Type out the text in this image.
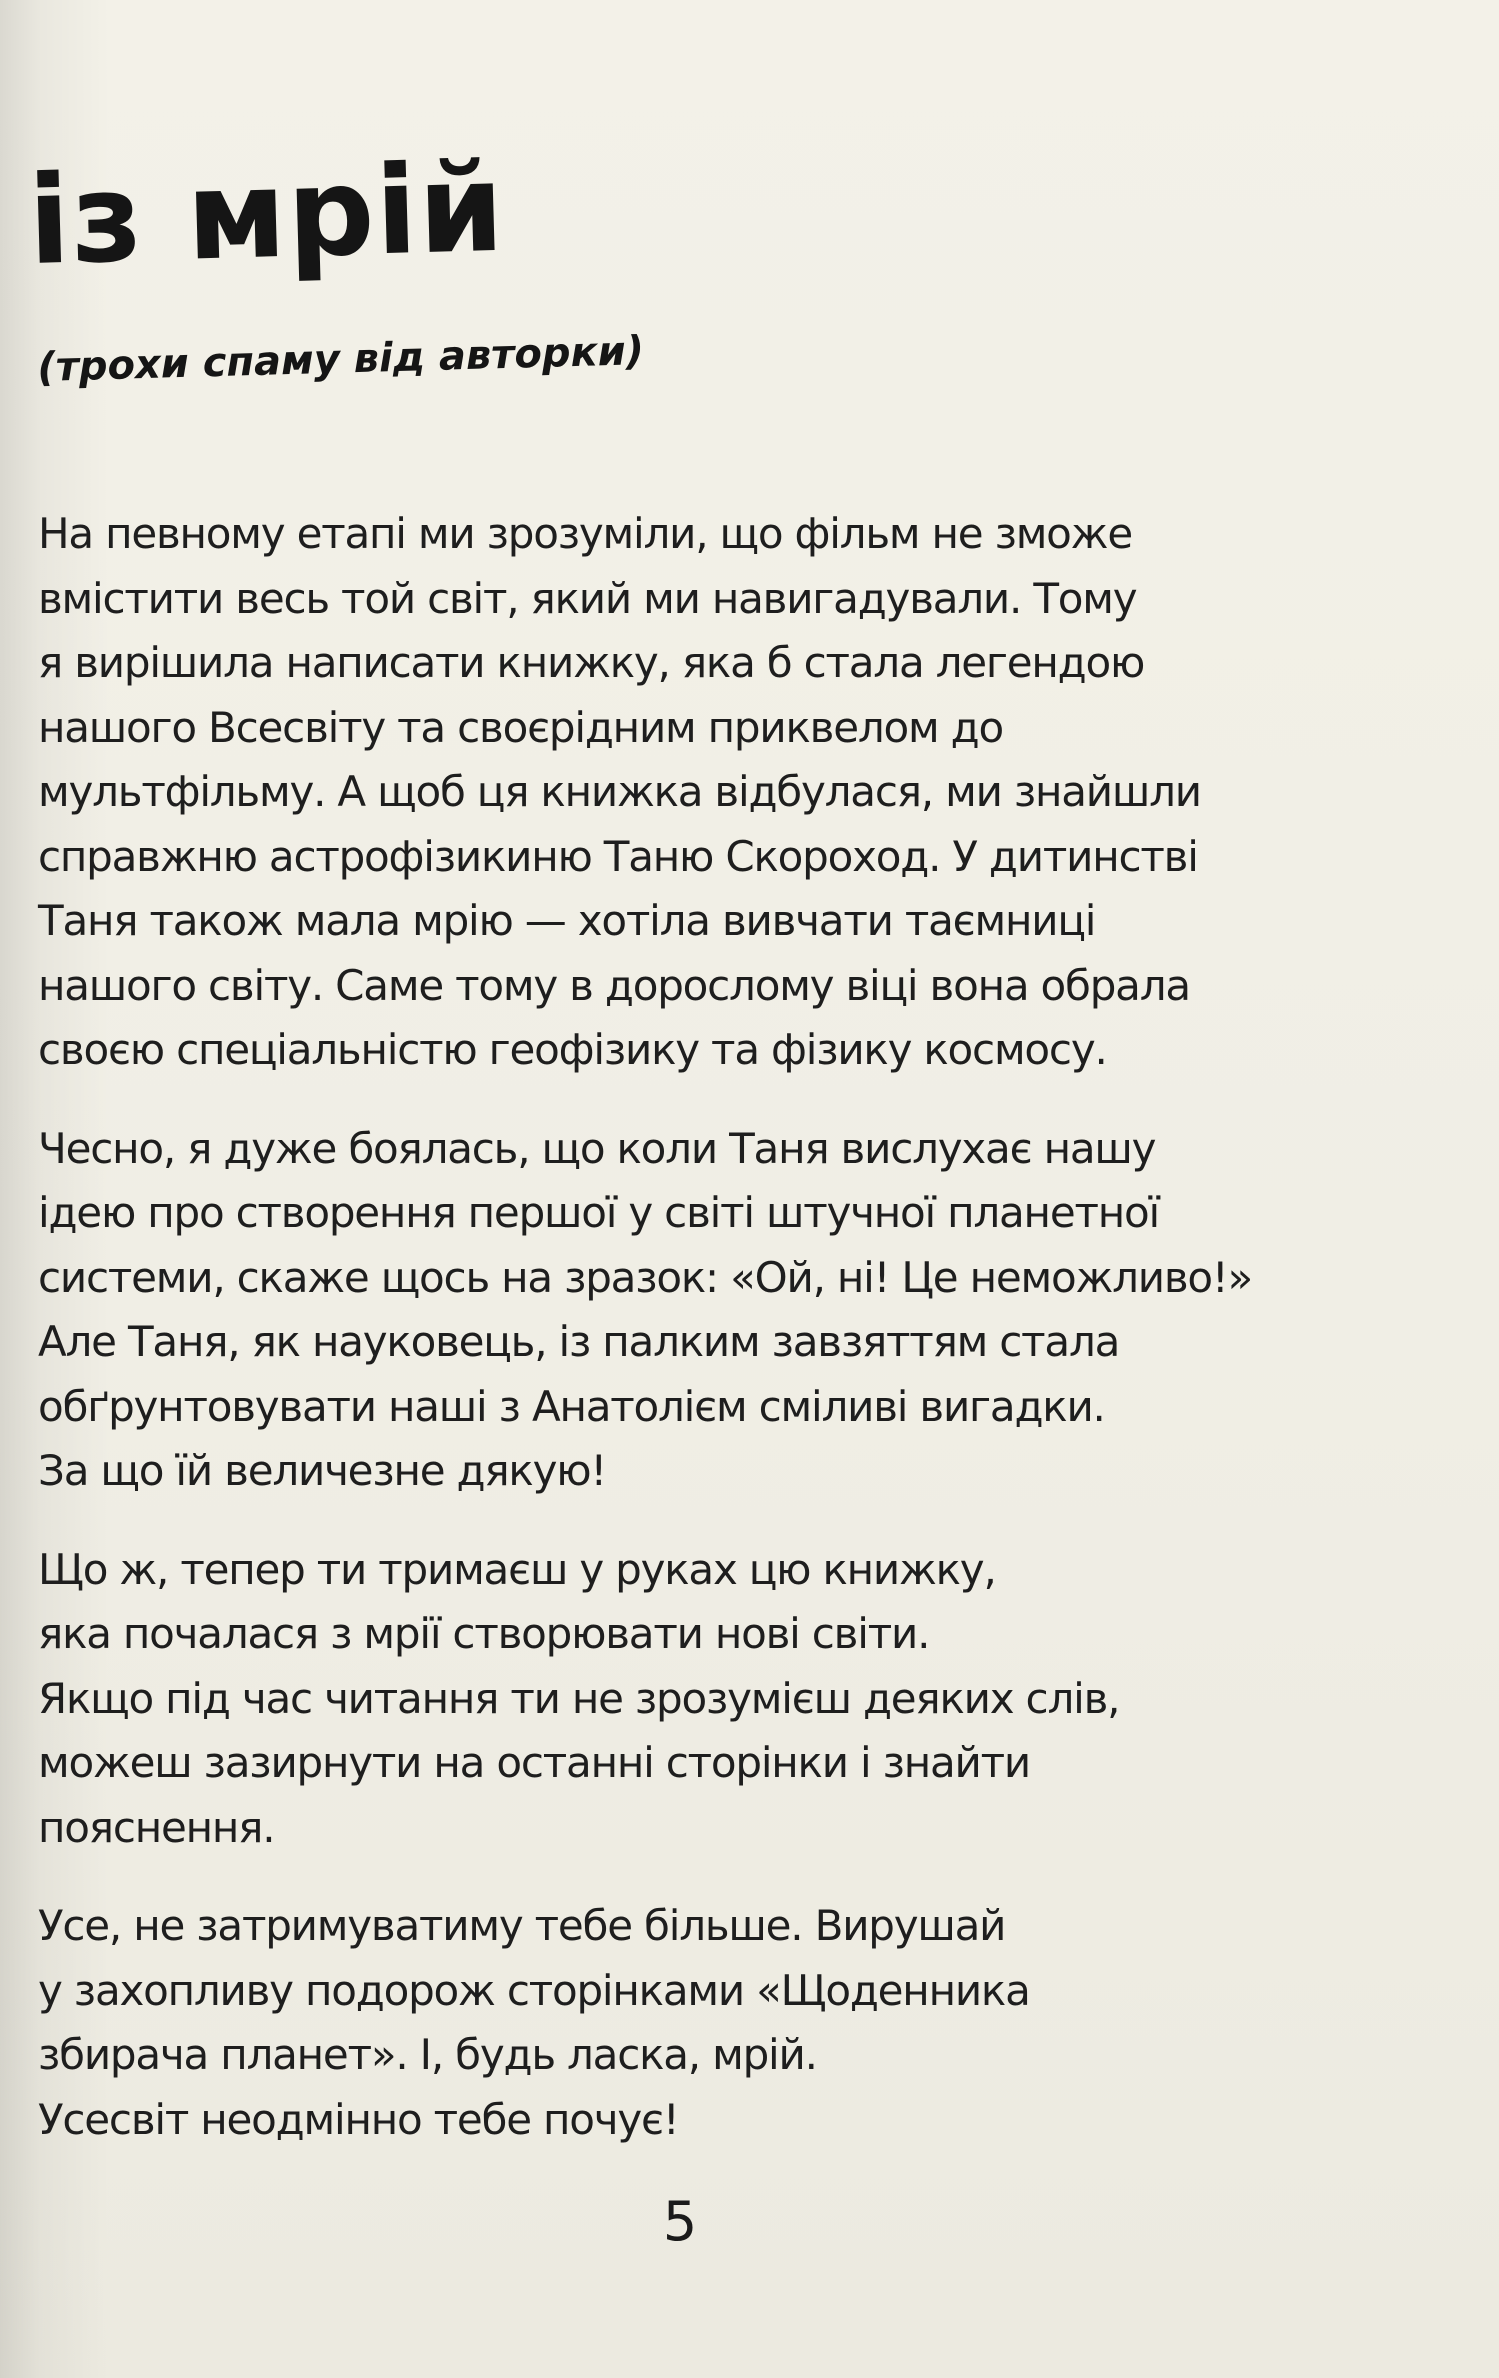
із мрій
(трохи спаму від авторки)

На певному етапі ми зрозуміли, що фільм не зможе
вмістити весь той світ, який ми навигадували. Тому
я вирішила написати книжку, яка б стала легендою
нашого Всесвіту та своєрідним приквелом до
мультфільму. А щоб ця книжка відбулася, ми знайшли
справжню астрофізикиню Таню Скороход. У дитинстві
Таня також мала мрію — хотіла вивчати таємниці
нашого світу. Саме тому в дорослому віці вона обрала
своєю спеціальністю геофізику та фізику космосу.

Чесно, я дуже боялась, що коли Таня вислухає нашу
ідею про створення першої у світі штучної планетної
системи, скаже щось на зразок: «Ой, ні! Це неможливо!»
Але Таня, як науковець, із палким завзяттям стала
обґрунтовувати наші з Анатолієм сміливі вигадки.
За що їй величезне дякую!

Що ж, тепер ти тримаєш у руках цю книжку,
яка почалася з мрії створювати нові світи.
Якщо під час читання ти не зрозумієш деяких слів,
можеш зазирнути на останні сторінки і знайти
пояснення.

Усе, не затримуватиму тебе більше. Вирушай
у захопливу подорож сторінками «Щоденника
збирача планет». І, будь ласка, мрій.
Усесвіт неодмінно тебе почує!

5
